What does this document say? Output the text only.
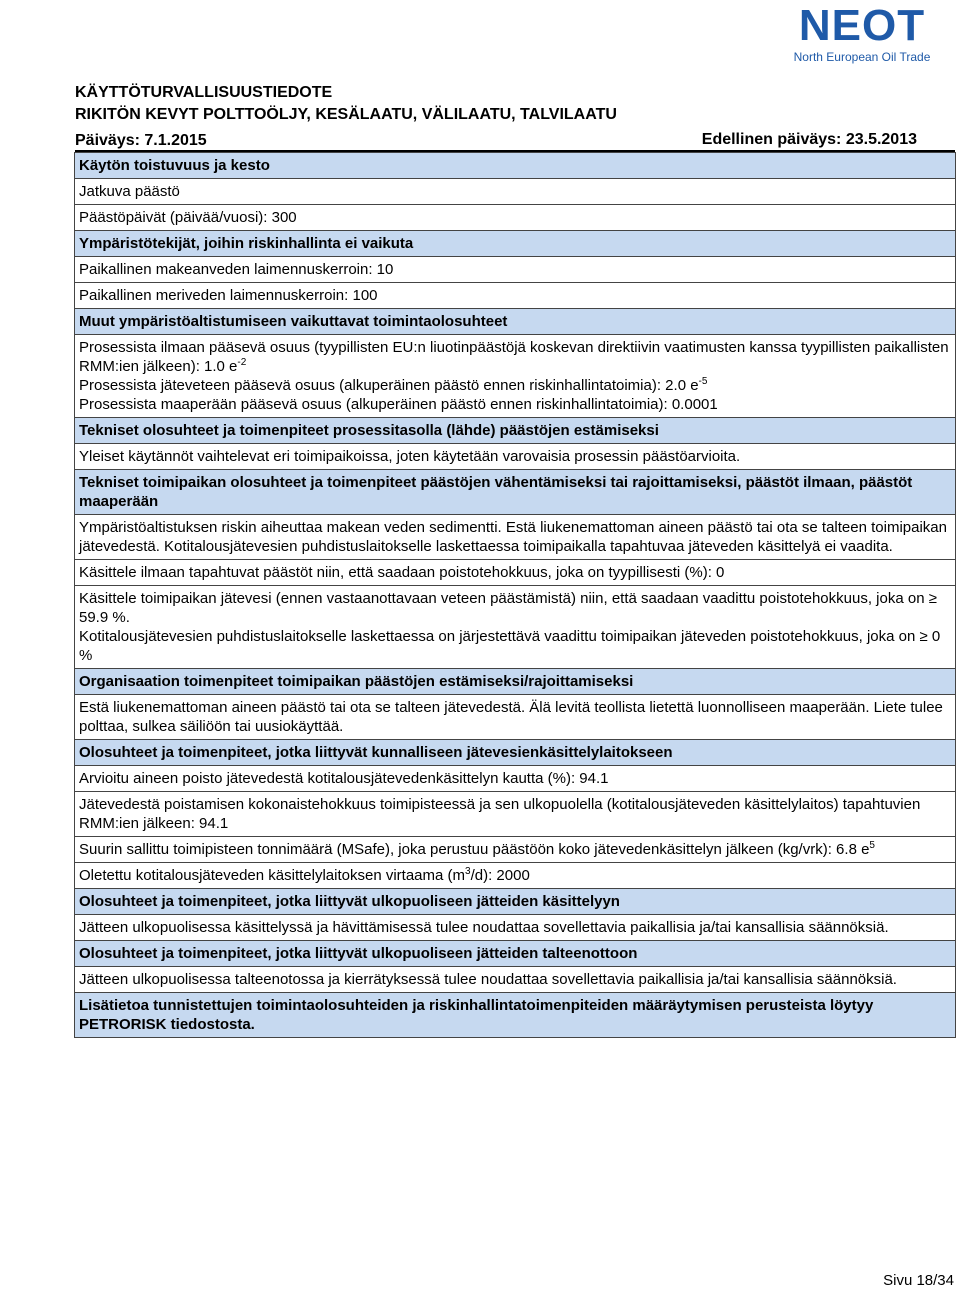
NEOT
North European Oil Trade
KÄYTTÖTURVALLISUUSTIEDOTE
RIKITÖN KEVYT POLTTOÖLJY, KESÄLAATU, VÄLILAATU, TALVILAATU
Päiväys: 7.1.2015	Edellinen päiväys: 23.5.2013
Käytön toistuvuus ja kesto
Jatkuva päästö
Päästöpäivät (päivää/vuosi): 300
Ympäristötekijät, joihin riskinhallinta ei vaikuta
Paikallinen makeanveden laimennuskerroin: 10
Paikallinen meriveden laimennuskerroin: 100
Muut ympäristöaltistumiseen vaikuttavat toimintaolosuhteet
Prosessista ilmaan pääsevä osuus (tyypillisten EU:n liuotinpäästöjä koskevan direktiivin vaatimusten kanssa tyypillisten paikallisten RMM:ien jälkeen): 1.0 $e^{-2}$
Prosessista jäteveteen pääsevä osuus (alkuperäinen päästö ennen riskinhallintatoimia): 2.0 $e^{-5}$
Prosessista maaperään pääsevä osuus (alkuperäinen päästö ennen riskinhallintatoimia): 0.0001
Tekniset olosuhteet ja toimenpiteet prosessitasolla (lähde) päästöjen estämiseksi
Yleiset käytännöt vaihtelevat eri toimipaikoissa, joten käytetään varovaisia prosessin päästöarvioita.
Tekniset toimipaikan olosuhteet ja toimenpiteet päästöjen vähentämiseksi tai rajoittamiseksi, päästöt ilmaan, päästöt maaperään
Ympäristöaltistuksen riskin aiheuttaa makean veden sedimentti. Estä liukenemattoman aineen päästö tai ota se talteen toimipaikan jätevedestä. Kotitalousjätevesien puhdistuslaitokselle laskettaessa toimipaikalla tapahtuvaa jäteveden käsittelyä ei vaadita.
Käsittele ilmaan tapahtuvat päästöt niin, että saadaan poistotehokkuus, joka on tyypillisesti (%): 0
Käsittele toimipaikan jätevesi (ennen vastaanottavaan veteen päästämistä) niin, että saadaan vaadittu poistotehokkuus, joka on ≥ 59.9 %.
Kotitalousjätevesien puhdistuslaitokselle laskettaessa on järjestettävä vaadittu toimipaikan jäteveden poistotehokkuus, joka on ≥ 0 %
Organisaation toimenpiteet toimipaikan päästöjen estämiseksi/rajoittamiseksi
Estä liukenemattoman aineen päästö tai ota se talteen jätevedestä. Älä levitä teollista lietettä luonnolliseen maaperään. Liete tulee polttaa, sulkea säiliöön tai uusiokäyttää.
Olosuhteet ja toimenpiteet, jotka liittyvät kunnalliseen jätevesienkäsittelylaitokseen
Arvioitu aineen poisto jätevedestä kotitalousjätevedenkäsittelyn kautta (%): 94.1
Jätevedestä poistamisen kokonaistehokkuus toimipisteessä ja sen ulkopuolella (kotitalousjäteveden käsittelylaitos) tapahtuvien RMM:ien jälkeen: 94.1
Suurin sallittu toimipisteen tonnimäärä (MSafe), joka perustuu päästöön koko jätevedenkäsittelyn jälkeen (kg/vrk): 6.8 $e^5$
Oletettu kotitalousjäteveden käsittelylaitoksen virtaama $(m^3/d)$: 2000
Olosuhteet ja toimenpiteet, jotka liittyvät ulkopuoliseen jätteiden käsittelyyn
Jätteen ulkopuolisessa käsittelyssä ja hävittämisessä tulee noudattaa sovellettavia paikallisia ja/tai kansallisia säännöksiä.
Olosuhteet ja toimenpiteet, jotka liittyvät ulkopuoliseen jätteiden talteenottoon
Jätteen ulkopuolisessa talteenotossa ja kierrätyksessä tulee noudattaa sovellettavia paikallisia ja/tai kansallisia säännöksiä.
Lisätietoa tunnistettujen toimintaolosuhteiden ja riskinhallintatoimenpiteiden määräytymisen perusteista löytyy PETRORISK tiedostosta.
Sivu 18/34
